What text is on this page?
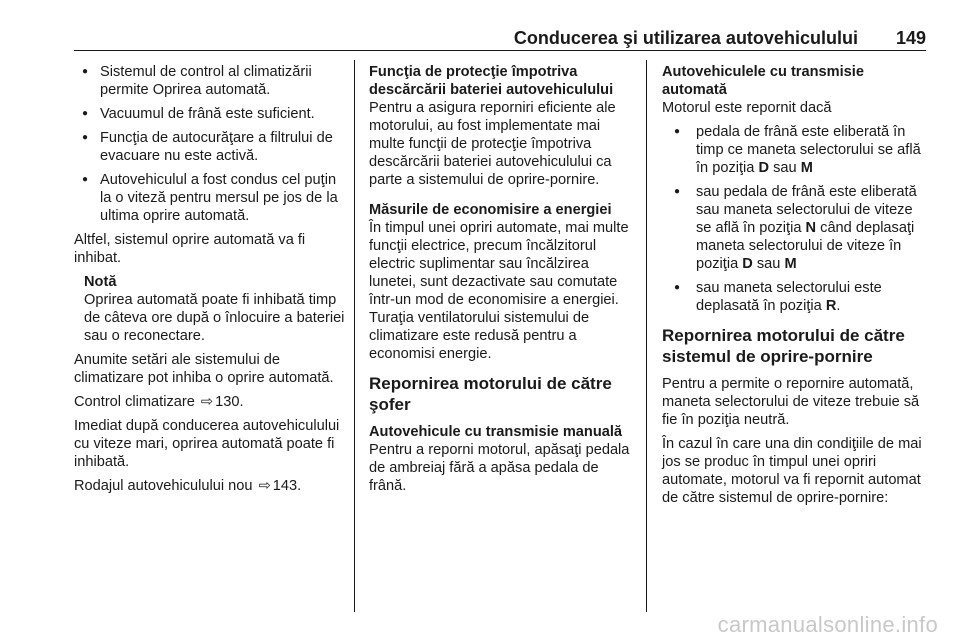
Conducerea şi utilizarea autovehiculului 149
● Sistemul de control al climatizării permite Oprirea automată.
● Vacuumul de frână este suficient.
● Funcţia de autocurăţare a filtrului de evacuare nu este activă.
● Autovehiculul a fost condus cel puţin la o viteză pentru mersul pe jos de la ultima oprire automată.

Altfel, sistemul oprire automată va fi inhibat.

Notă
Oprirea automată poate fi inhibată timp de câteva ore după o înlocuire a bateriei sau o reconectare.

Anumite setări ale sistemului de climatizare pot inhiba o oprire automată.

Control climatizare ⇨ 130.

Imediat după conducerea autovehiculului cu viteze mari, oprirea automată poate fi inhibată.

Rodajul autovehiculului nou ⇨ 143.

Funcţia de protecţie împotriva descărcării bateriei autovehiculului

Pentru a asigura reporniri eficiente ale motorului, au fost implementate mai multe funcţii de protecţie împotriva descărcării bateriei autovehiculului ca parte a sistemului de oprire-pornire.

Măsurile de economisire a energiei

În timpul unei opriri automate, mai multe funcţii electrice, precum încălzitorul electric suplimentar sau încălzirea lunetei, sunt dezactivate sau comutate într-un mod de economisire a energiei. Turaţia ventilatorului sistemului de climatizare este redusă pentru a economisi energie.

Repornirea motorului de către şofer
Autovehicule cu transmisie manuală

Pentru a reporni motorul, apăsaţi pedala de ambreiaj fără a apăsa pedala de frână.

Autovehiculele cu transmisie automată

Motorul este repornit dacă

● pedala de frână este eliberată în timp ce maneta selectorului se află în poziţia D sau M
● sau pedala de frână este eliberată sau maneta selectorului de viteze se află în poziţia N când deplasaţi maneta selectorului de viteze în poziţia D sau M
● sau maneta selectorului este deplasată în poziţia R.
Repornirea motorului de către sistemul de oprire-pornire

Pentru a permite o repornire automată, maneta selectorului de viteze trebuie să fie în poziţia neutră.

În cazul în care una din condiţiile de mai jos se produc în timpul unei opriri automate, motorul va fi repornit automat de către sistemul de oprire-pornire:

carmanualsonline.info
